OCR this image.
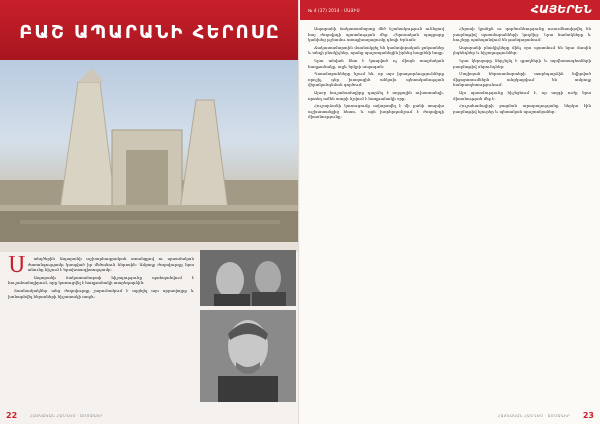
ԲԱՇ ԱՊԱՐԱՆԻ ՀԵՐՈՍԸ
Ս	տեղծերին Ապարանի աշխարհագրական առանցքով ու պատմական ժառանգությամբ կապված իր մեծանուն հերոսին: Ամբողջ ժողովուրդը նրա անունը հիշում է երախտագիտությամբ:

Ապարանի ճակատամարտի հիշողությունը պահպանվում է հուշահամալիրում, որը կառուցվել է հաղթանակի տարեդարձին:

Տասնամյակներ անց ժողովուրդը շարունակում է այցելել այս սրբավայրը և խոնարհվել հերոսների հիշատակի առջև:

22	ՀԱՅԿԱԿԱՆ ՀԱՆԴԵՍ · ԱՄՍԱԳԻՐ
ՀԱՅԵՐԵՆ
№ 4 (37) 2014 · ՄԱՅԻՍ

Ապարանի ճակատամարտը մեծ նշանակություն ունեցավ հայ ժողովրդի պատմության մեջ: Հերոսական պայքարը կանխեց թշնամու առաջխաղացումը դեպի Երևան:

Ճակատամարտին մասնակցել են կամավորական ջոկատներ և տեղի բնակիչներ, որոնք պաշտպանեցին իրենց հայրենի հողը:

Նրա անվան հետ է կապված ոչ միայն ռազմական հաղթանակը, այլև երկրի ապագան:

Պատմաբանները նշում են, որ այս իրադարձությունները որոշիչ դեր խաղացին անկախ պետականության վերականգնման գործում:

Այսօր հուշահամալիրը դարձել է ազգային ուխտատեղի, որտեղ ամեն տարի նշվում է հաղթանակի օրը:

Հուշարձանի կառուցումը ավարտվել է մի քանի տարվա աշխատանքից հետո, և այն խորհրդանշում է ժողովրդի միասնությունը:

Հերոսի կյանքն ու գործունեությունը ուսումնասիրվել են բազմաթիվ պատմաբանների կողմից: Նրա նամակները և հուշերը պահպանվում են թանգարանում:

Ապարանի բնակիչները մինչ օրս պատմում են նրա մասին լեգենդներ և հիշողություններ:

Նրա կերպարը ներշնչել է գրողների և արվեստագետների բազմաթիվ սերունդներ:

Մայիսյան հերոսամարտերի տարեդարձին նվիրված միջոցառումներն անցկացվում են ամբողջ հանրապետությունում:

Այս պատմությունը հիշեցնում է, որ ազգի ուժը նրա միասնության մեջ է:

Հուշահամալիրի բացման արարողությանը ներկա էին բազմաթիվ հյուրեր և պետական պաշտոնյաներ:

23
ՀԱՅԿԱԿԱՆ ՀԱՆԴԵՍ · ԱՄՍԱԳԻՐ
